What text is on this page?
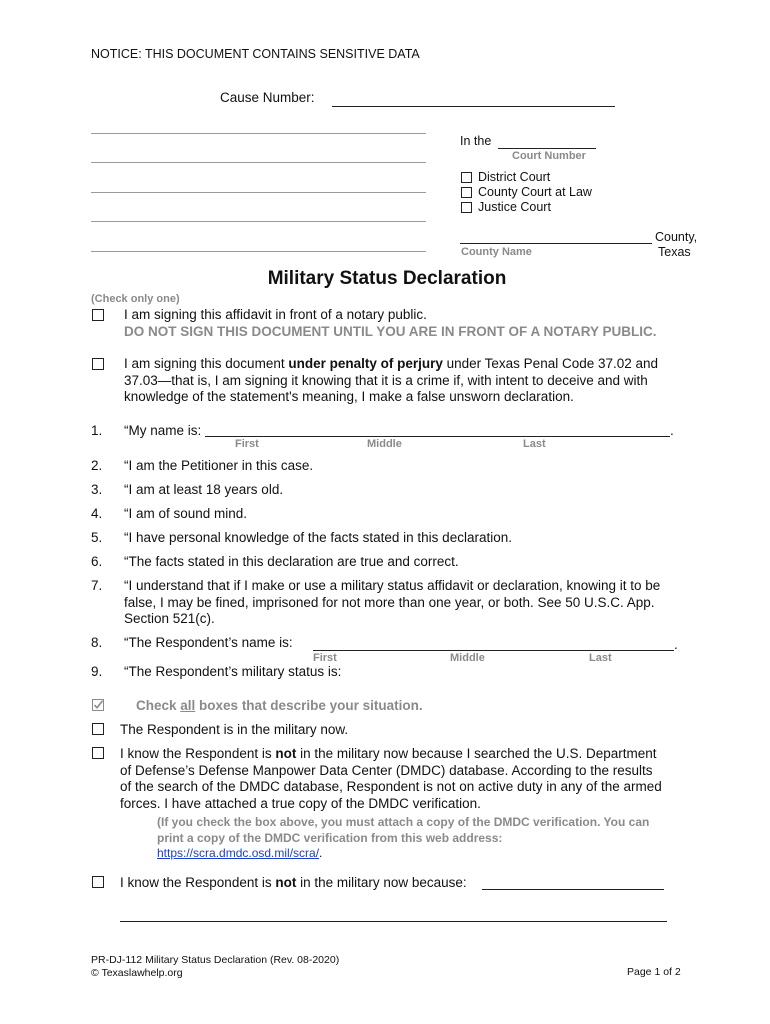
NOTICE: THIS DOCUMENT CONTAINS SENSITIVE DATA
Cause Number:
In the
Court Number
District Court
County Court at Law
Justice Court
County,
County Name	Texas
Military Status Declaration
(Check only one)
I am signing this affidavit in front of a notary public.
DO NOT SIGN THIS DOCUMENT UNTIL YOU ARE IN FRONT OF A NOTARY PUBLIC.
I am signing this document under penalty of perjury under Texas Penal Code 37.02 and
37.03—that is, I am signing it knowing that it is a crime if, with intent to deceive and with
knowledge of the statement's meaning, I make a false unsworn declaration.
1. “My name is:	.
First	Middle	Last
2. “I am the Petitioner in this case.
3. “I am at least 18 years old.
4. “I am of sound mind.
5. “I have personal knowledge of the facts stated in this declaration.
6. “The facts stated in this declaration are true and correct.
7. “I understand that if I make or use a military status affidavit or declaration, knowing it to be
false, I may be fined, imprisoned for not more than one year, or both. See 50 U.S.C. App.
Section 521(c).
8. “The Respondent’s name is:	.
First	Middle	Last
9. “The Respondent’s military status is:
Check all boxes that describe your situation.
The Respondent is in the military now.
I know the Respondent is not in the military now because I searched the U.S. Department
of Defense’s Defense Manpower Data Center (DMDC) database. According to the results
of the search of the DMDC database, Respondent is not on active duty in any of the armed
forces. I have attached a true copy of the DMDC verification.
(If you check the box above, you must attach a copy of the DMDC verification. You can
print a copy of the DMDC verification from this web address:
https://scra.dmdc.osd.mil/scra/.
I know the Respondent is not in the military now because:
PR-DJ-112 Military Status Declaration (Rev. 08-2020)
© Texaslawhelp.org	Page 1 of 2
